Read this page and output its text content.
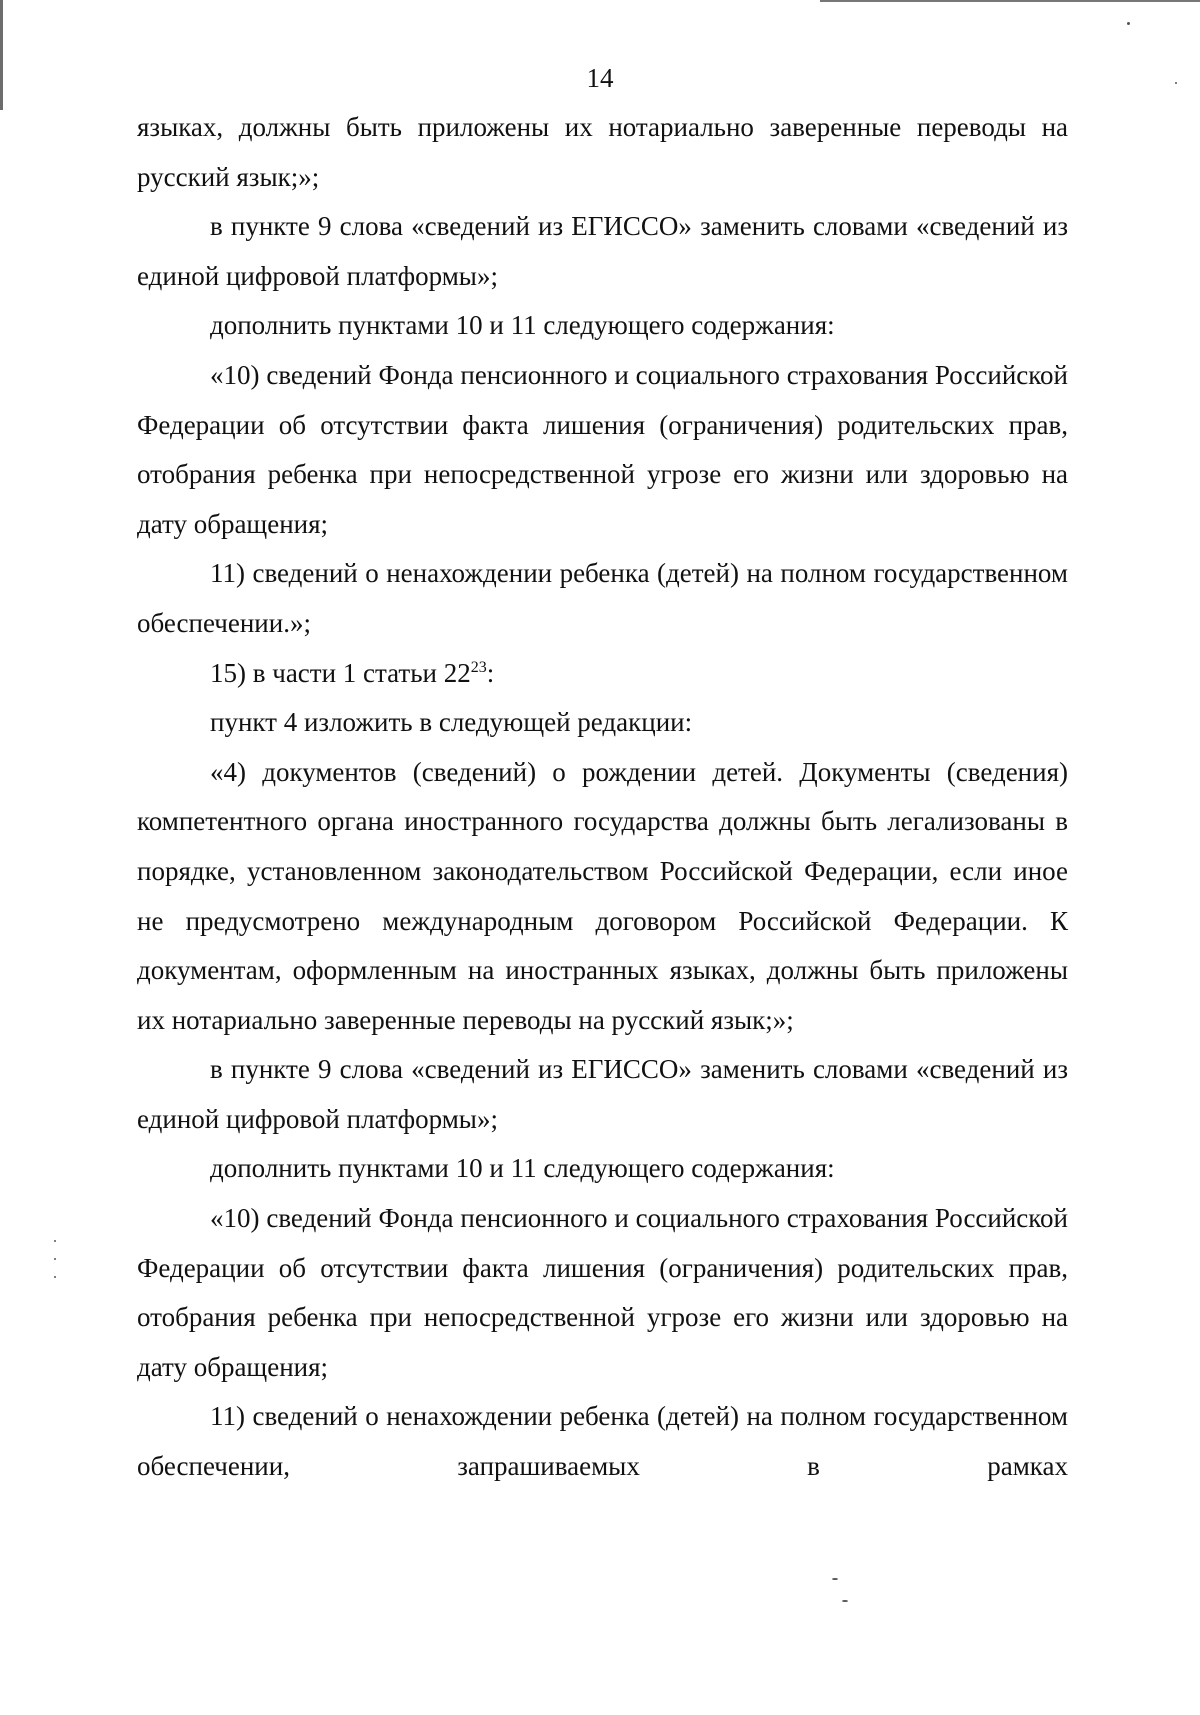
14

языках, должны быть приложены их нотариально заверенные переводы на русский язык;»;

в пункте 9 слова «сведений из ЕГИССО» заменить словами «сведений из единой цифровой платформы»;

дополнить пунктами 10 и 11 следующего содержания:

«10) сведений Фонда пенсионного и социального страхования Российской Федерации об отсутствии факта лишения (ограничения) родительских прав, отобрания ребенка при непосредственной угрозе его жизни или здоровью на дату обращения;

11) сведений о ненахождении ребенка (детей) на полном государственном обеспечении.»;

15) в части 1 статьи $22^{23}$:

пункт 4 изложить в следующей редакции:

«4) документов (сведений) о рождении детей. Документы (сведения) компетентного органа иностранного государства должны быть легализованы в порядке, установленном законодательством Российской Федерации, если иное не предусмотрено международным договором Российской Федерации. К документам, оформленным на иностранных языках, должны быть приложены их нотариально заверенные переводы на русский язык;»;

в пункте 9 слова «сведений из ЕГИССО» заменить словами «сведений из единой цифровой платформы»;

дополнить пунктами 10 и 11 следующего содержания:

«10) сведений Фонда пенсионного и социального страхования Российской Федерации об отсутствии факта лишения (ограничения) родительских прав, отобрания ребенка при непосредственной угрозе его жизни или здоровью на дату обращения;

11) сведений о ненахождении ребенка (детей) на полном государственном обеспечении, запрашиваемых в рамках
